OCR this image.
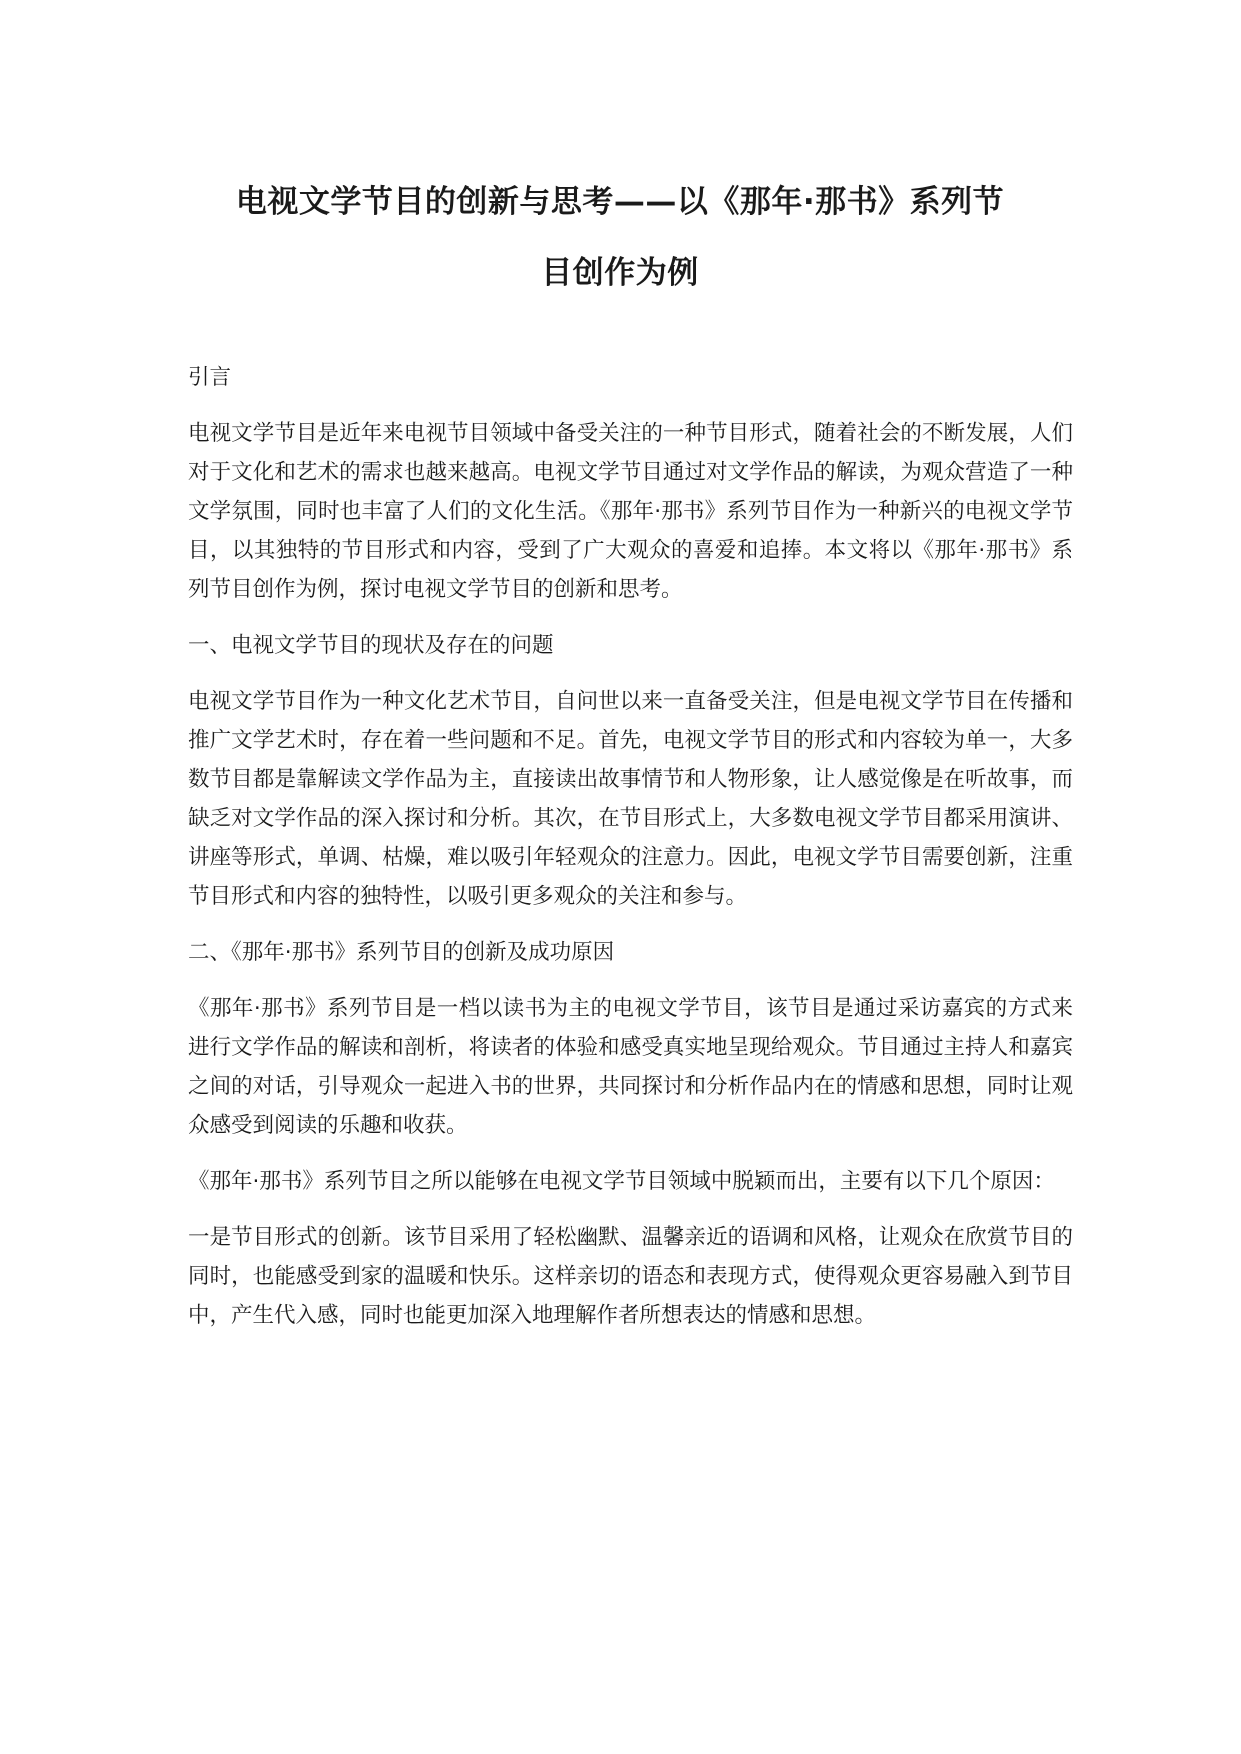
电视文学节目的创新与思考——以《那年·那书》系列节
目创作为例

引言

电视文学节目是近年来电视节目领域中备受关注的一种节目形式，随着社会的不断发展，人们对于文化和艺术的需求也越来越高。电视文学节目通过对文学作品的解读，为观众营造了一种文学氛围，同时也丰富了人们的文化生活。《那年·那书》系列节目作为一种新兴的电视文学节目，以其独特的节目形式和内容，受到了广大观众的喜爱和追捧。本文将以《那年·那书》系列节目创作为例，探讨电视文学节目的创新和思考。

一、电视文学节目的现状及存在的问题

电视文学节目作为一种文化艺术节目，自问世以来一直备受关注，但是电视文学节目在传播和推广文学艺术时，存在着一些问题和不足。首先，电视文学节目的形式和内容较为单一，大多数节目都是靠解读文学作品为主，直接读出故事情节和人物形象，让人感觉像是在听故事，而缺乏对文学作品的深入探讨和分析。其次，在节目形式上，大多数电视文学节目都采用演讲、讲座等形式，单调、枯燥，难以吸引年轻观众的注意力。因此，电视文学节目需要创新，注重节目形式和内容的独特性，以吸引更多观众的关注和参与。

二、《那年·那书》系列节目的创新及成功原因

《那年·那书》系列节目是一档以读书为主的电视文学节目，该节目是通过采访嘉宾的方式来进行文学作品的解读和剖析，将读者的体验和感受真实地呈现给观众。节目通过主持人和嘉宾之间的对话，引导观众一起进入书的世界，共同探讨和分析作品内在的情感和思想，同时让观众感受到阅读的乐趣和收获。

《那年·那书》系列节目之所以能够在电视文学节目领域中脱颖而出，主要有以下几个原因：

一是节目形式的创新。该节目采用了轻松幽默、温馨亲近的语调和风格，让观众在欣赏节目的同时，也能感受到家的温暖和快乐。这样亲切的语态和表现方式，使得观众更容易融入到节目中，产生代入感，同时也能更加深入地理解作者所想表达的情感和思想。
